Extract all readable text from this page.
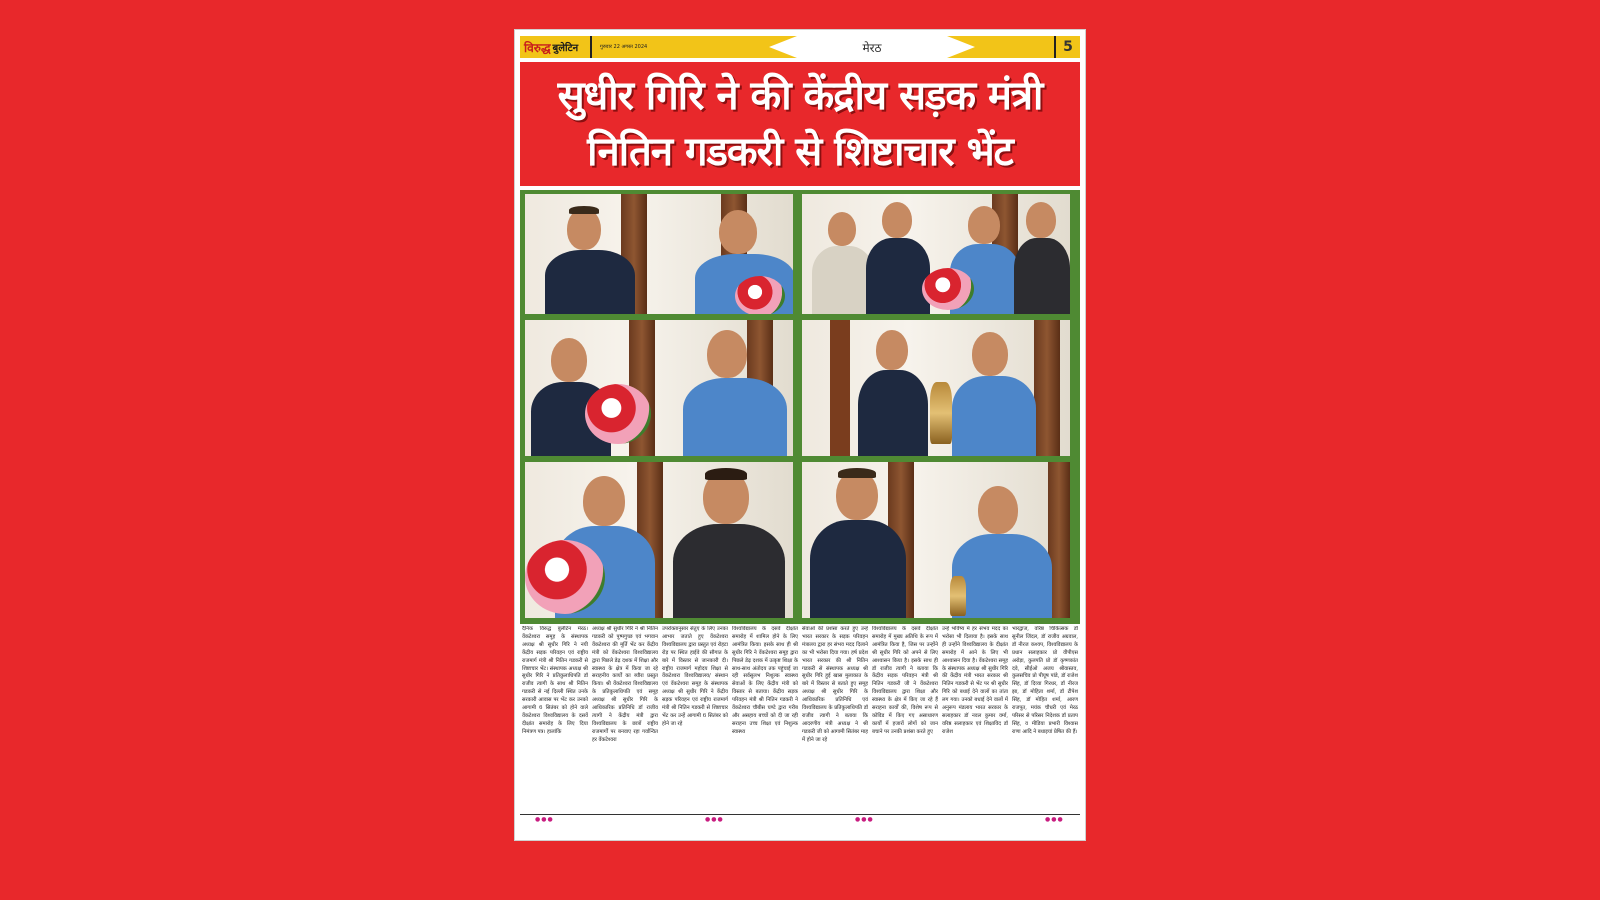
विरुद्ध बुलेटिन	गुरुवार 22 अगस्त 2024	मेरठ	5
सुधीर गिरि ने की केंद्रीय सड़क मंत्री
नितिन गडकरी से शिष्टाचार भेंट
दैनिक विरुद्ध बुलेटिन मेरठ। वेंकटेश्वरा समूह के संस्थापक अध्यक्ष श्री सुधीर गिरि ने नयी केंद्रीय सड़क परिवहन एवं राष्ट्रीय राजमार्ग मंत्री श्री नितिन गडकरी से शिष्टाचार भेंट। संस्थापक अध्यक्ष श्री सुधीर गिरि ने प्रतिकुलाधिपति डॉ राजीव त्यागी के साथ श्री नितिन गडकरी से नई दिल्ली स्थित उनके सरकारी आवास पर भेंट कर उनको आगामी 6 सितंबर को होने वाले वेंकटेश्वरा विश्वविद्यालय के दसवें दीक्षांत समारोह के लिए दिया निमंत्रण पत्र। हालांकि
अध्यक्ष श्री सुधीर गिरि ने श्री नितिन गडकरी को पुष्पगुच्छ एवं भगवान वेंकटेश्वरा की मूर्ति भेंट कर केंद्रीय मंत्री को वेंकटेश्वरा विश्वविद्यालय द्वारा पिछले डेढ़ दशक में शिक्षा और स्वास्थ्य के क्षेत्र में किया जा रहे सराहनीय कार्यों का ब्यौरा प्रस्तुत किया। श्री वेंकटेश्वरा विश्वविद्यालय के प्रतिकुलाधिपति एवं समूह अध्यक्ष श्री सुधीर गिरि के आधिकारिक प्रतिनिधि डॉ राजीव त्यागी ने केंद्रीय मंत्री द्वारा विश्वविद्यालय के छात्रों राष्ट्रीय राजमार्गों पर बनवाए रहा गर्वान्वित हर वेंकटेश्वरा
उपरोक्तानुसार सेतुए के लिए उनका आभार जताते हुए वेंकटेश्वरा विश्वविद्यालय द्वारा प्रस्तुत एवं रोहटा रोड़ पर स्थित हाईवे की सौगात के बारे में विस्तार से जानकारी दी। राष्ट्रीय राजमार्ग महोदय शिक्षा से वेंकटेश्वरा विश्वविद्यालय/ संस्थान एवं वेंकटेश्वरा समूह के संस्थापक अध्यक्ष श्री सुधीर गिरि ने केंद्रीय सड़क परिवहन एवं राष्ट्रीय राजमार्ग मंत्री श्री नितिन गडकरी से शिष्टाचार भेंट कर उन्हें आगामी 6 सितंबर को होने जा रहे
विश्वविद्यालय के दसवें दीक्षांत समारोह में शामिल होने के लिए आमंत्रित किया। इसके साथ ही श्री सुधीर गिरि ने वेंकटेश्वरा समूह द्वारा पिछले डेढ़ दशक में उत्कृष्ट शिक्षा के साथ-साथ अंतोदय तक पहुंचाई जा रही सर्वसुलभ निशुल्क स्वास्थ्य सेवाओं के लिए केंद्रीय मंत्री को विस्तार से बताया। केंद्रीय सड़क परिवहन मंत्री श्री नितिन गडकरी ने वेंकटेश्वरा चौबीस घण्टे द्वारा गरीब और असहाय बच्चों को दी जा रही सराहना उच्च शिक्षा एवं निशुल्क स्वास्थ्य
सेवाओं की प्रशंसा करते हुए उन्हें भारत सरकार के सड़क परिवहन मंत्रालय द्वारा हर संभव मदद दिलाने का भी भरोसा दिया गया। हर्ष प्रदेश भारत सरकार की श्री नितिन गडकरी से संस्थापक अध्यक्ष श्री सुधीर गिरि हुई खास मुलाकात के बारे में विस्तार से बताते हुए समूह अध्यक्ष श्री सुधीर गिरि के आधिकारिक प्रतिनिधि एवं विश्वविद्यालय के प्रतिकुलाधिपति डॉ राजीव त्यागी ने बताया कि आदरणीय मंत्री अध्यक्ष ने श्री गडकरी जी को आगामी सितंबर माह में होने जा रहे
विश्वविद्यालय के दसवें दीक्षांत समारोह में मुख्य अतिथि के रूप में आमंत्रित किया है, जिस पर उन्होंने श्री सुधीर गिरि को अपने से लिए आश्वासन किया है। इसके साथ ही डॉ राजीव त्यागी ने बताया कि केंद्रीय सड़क परिवहन मंत्री श्री नितिन गडकरी जी ने वेंकटेश्वरा विश्वविद्यालय द्वारा शिक्षा और स्वास्थ्य के क्षेत्र में किए जा रहे हैं सराहना कार्यों की, विशेष रूप से कोविड में किए गए असाधारण कार्यों में हजारों लोगों को जान बचाने पर उनकी प्रशंसा करते हुए
उन्हें भविष्य में हर संभव मदद का भरोसा भी दिलाया है। इसके साथ ही उन्होंने विश्वविद्यालय के दीक्षांत समारोह में आने के लिए भी आश्वासन दिया है। वेंकटेश्वरा समूह के संस्थापक अध्यक्ष श्री सुधीर गिरि की केंद्रीय मंत्री भारत सरकार श्री नितिन गडकरी से भेंट पर श्री सुधीर गिरि को बधाई देने वालों का तांता लग गया। उनको बधाई देने वालों में अनुरूप मंडलाय भारत सरकार के सलाहकार डॉ नवल कुमार वर्मा, वरिष्ठ सलाहकार एवं शिक्षाविद डॉ राजेश
भारद्वाज, वरिष्ठ चिकित्सक डॉ सुनील जिंदल, डॉ राजीव अग्रवाल, डॉ नीरज कश्यप, विश्वविद्यालय के प्रधान सलाहकार प्रो वीपीएस अरोड़ा, कुलपति प्रो डॉ कृष्णकांत दवे, सीईओ अजय श्रीवास्तव, कुलसचिव प्रो पीयूष पांडे, डॉ राजेश सिंह, डॉ दिव्या गिरधर, डॉ नीरज झा, डॉ मोहिता शर्मा, डॉ टीपेश सिंह, डॉ मोहित शर्मा, आरण राजपूत, मयंक चौधरी एवं मेरठ परिसर से परिसर निदेशक डॉ प्रताप सिंह, व मीडिया प्रभारी विश्वास राणा आदि ने बधाइयां प्रेषित की हैं।
●●●	●●●	●●●	●●●
